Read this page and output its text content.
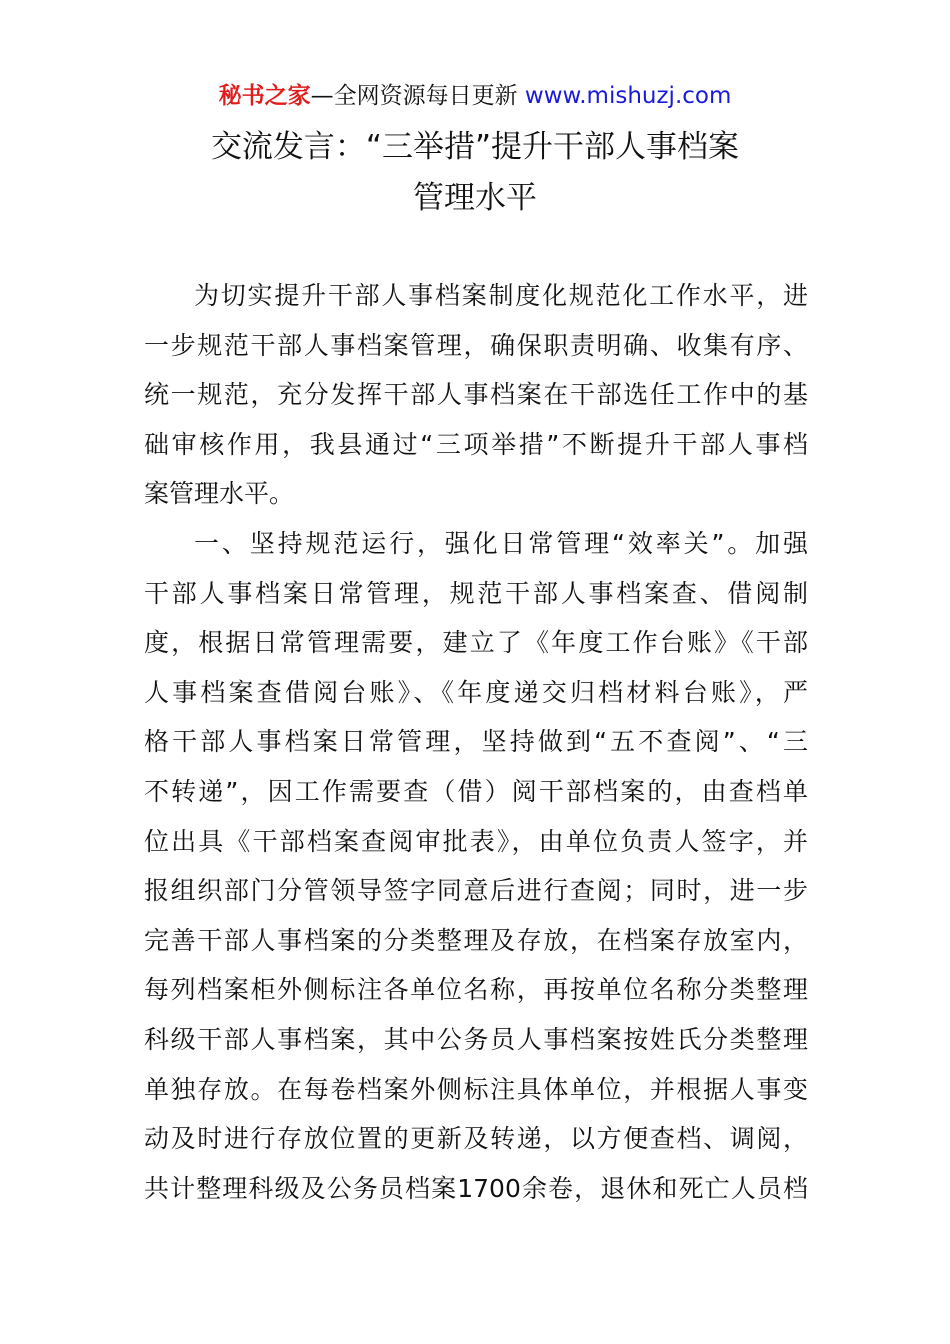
秘书之家—全网资源每日更新 www.mishuzj.com
交流发言：“三举措”提升干部人事档案
管理水平
为切实提升干部人事档案制度化规范化工作水平，进
一步规范干部人事档案管理，确保职责明确、收集有序、
统一规范，充分发挥干部人事档案在干部选任工作中的基
础审核作用，我县通过“三项举措”不断提升干部人事档
案管理水平。
一、坚持规范运行，强化日常管理“效率关”。加强
干部人事档案日常管理，规范干部人事档案查、借阅制
度，根据日常管理需要，建立了《年度工作台账》《干部
人事档案查借阅台账》、《年度递交归档材料台账》，严
格干部人事档案日常管理，坚持做到“五不查阅”、“三
不转递”，因工作需要查（借）阅干部档案的，由查档单
位出具《干部档案查阅审批表》，由单位负责人签字，并
报组织部门分管领导签字同意后进行查阅；同时，进一步
完善干部人事档案的分类整理及存放，在档案存放室内，
每列档案柜外侧标注各单位名称，再按单位名称分类整理
科级干部人事档案，其中公务员人事档案按姓氏分类整理
单独存放。在每卷档案外侧标注具体单位，并根据人事变
动及时进行存放位置的更新及转递，以方便查档、调阅，
共计整理科级及公务员档案1700余卷，退休和死亡人员档
